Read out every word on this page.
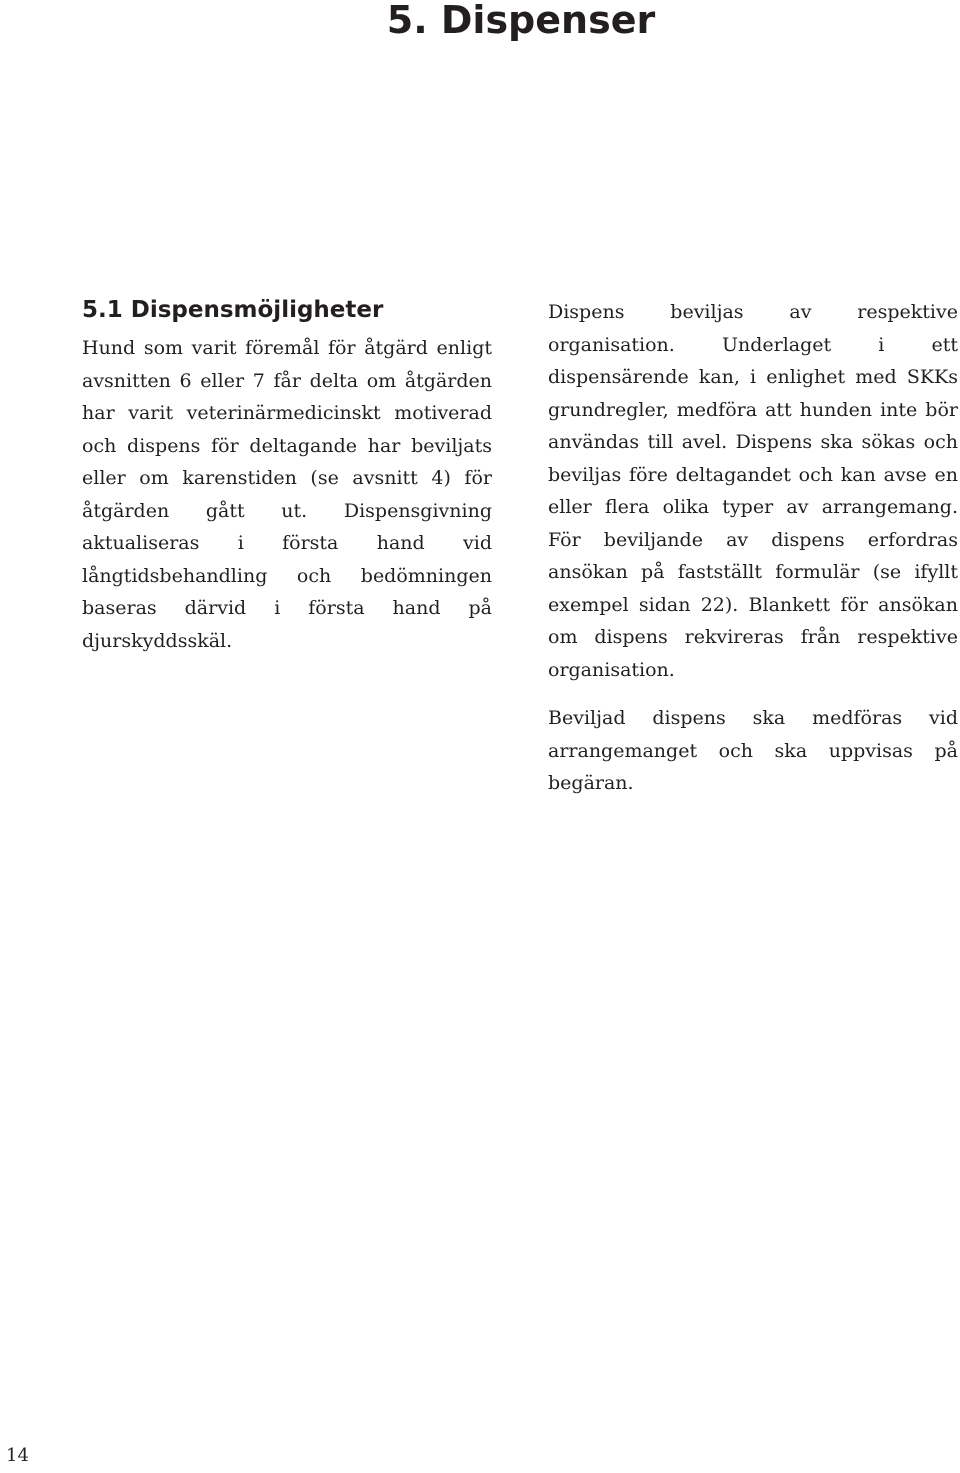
5. Dispenser
5.1 Dispensmöjligheter

Hund som varit föremål för åtgärd enligt avsnitten 6 eller 7 får delta om åtgärden har varit veterinärmedicinskt motiverad och dispens för deltagande har beviljats eller om karenstiden (se avsnitt 4) för åtgärden gått ut. Dispensgivning aktualiseras i första hand vid långtidsbehandling och bedömningen baseras därvid i första hand på djurskyddsskäl.

Dispens beviljas av respektive organisation. Underlaget i ett dispensärende kan, i enlighet med SKKs grundregler, medföra att hunden inte bör användas till avel. Dispens ska sökas och beviljas före deltagandet och kan avse en eller flera olika typer av arrangemang. För beviljande av dispens erfordras ansökan på fastställt formulär (se ifyllt exempel sidan 22). Blankett för ansökan om dispens rekvireras från respektive organisation.

Beviljad dispens ska medföras vid arrangemanget och ska uppvisas på begäran.

14
